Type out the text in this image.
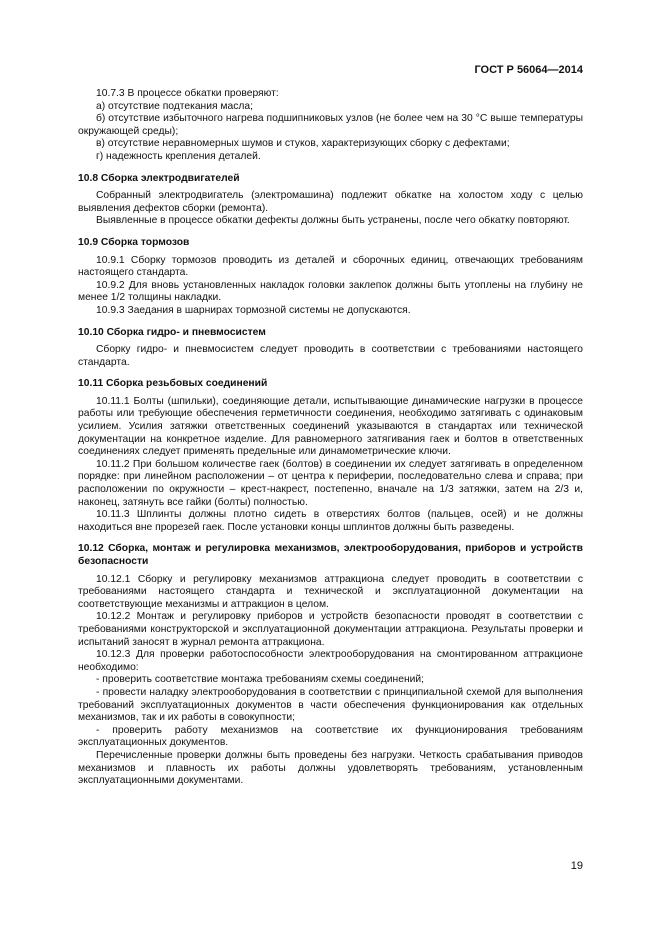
ГОСТ Р 56064—2014
10.7.3 В процессе обкатки проверяют:
а) отсутствие подтекания масла;
б) отсутствие избыточного нагрева подшипниковых узлов (не более чем на 30 °С выше температуры окружающей среды);
в) отсутствие неравномерных шумов и стуков, характеризующих сборку с дефектами;
г) надежность крепления деталей.
10.8 Сборка электродвигателей
Собранный электродвигатель (электромашина) подлежит обкатке на холостом ходу с целью выявления дефектов сборки (ремонта).
Выявленные в процессе обкатки дефекты должны быть устранены, после чего обкатку повторяют.
10.9 Сборка тормозов
10.9.1 Сборку тормозов проводить из деталей и сборочных единиц, отвечающих требованиям настоящего стандарта.
10.9.2 Для вновь установленных накладок головки заклепок должны быть утоплены на глубину не менее 1/2 толщины накладки.
10.9.3 Заедания в шарнирах тормозной системы не допускаются.
10.10 Сборка гидро- и пневмосистем
Сборку гидро- и пневмосистем следует проводить в соответствии с требованиями настоящего стандарта.
10.11 Сборка резьбовых соединений
10.11.1 Болты (шпильки), соединяющие детали, испытывающие динамические нагрузки в процессе работы или требующие обеспечения герметичности соединения, необходимо затягивать с одинаковым усилием. Усилия затяжки ответственных соединений указываются в стандартах или технической документации на конкретное изделие. Для равномерного затягивания гаек и болтов в ответственных соединениях следует применять предельные или динамометрические ключи.
10.11.2 При большом количестве гаек (болтов) в соединении их следует затягивать в определенном порядке: при линейном расположении – от центра к периферии, последовательно слева и справа; при расположении по окружности – крест-накрест, постепенно, вначале на 1/3 затяжки, затем на 2/3 и, наконец, затянуть все гайки (болты) полностью.
10.11.3 Шплинты должны плотно сидеть в отверстиях болтов (пальцев, осей) и не должны находиться вне прорезей гаек. После установки концы шплинтов должны быть разведены.
10.12 Сборка, монтаж и регулировка механизмов, электрооборудования, приборов и устройств безопасности
10.12.1 Сборку и регулировку механизмов аттракциона следует проводить в соответствии с требованиями настоящего стандарта и технической и эксплуатационной документации на соответствующие механизмы и аттракцион в целом.
10.12.2 Монтаж и регулировку приборов и устройств безопасности проводят в соответствии с требованиями конструкторской и эксплуатационной документации аттракциона. Результаты проверки и испытаний заносят в журнал ремонта аттракциона.
10.12.3 Для проверки работоспособности электрооборудования на смонтированном аттракционе необходимо:
- проверить соответствие монтажа требованиям схемы соединений;
- провести наладку электрооборудования в соответствии с принципиальной схемой для выполнения требований эксплуатационных документов в части обеспечения функционирования как отдельных механизмов, так и их работы в совокупности;
- проверить работу механизмов на соответствие их функционирования требованиям эксплуатационных документов.
Перечисленные проверки должны быть проведены без нагрузки. Четкость срабатывания приводов механизмов и плавность их работы должны удовлетворять требованиям, установленным эксплуатационными документами.
19
